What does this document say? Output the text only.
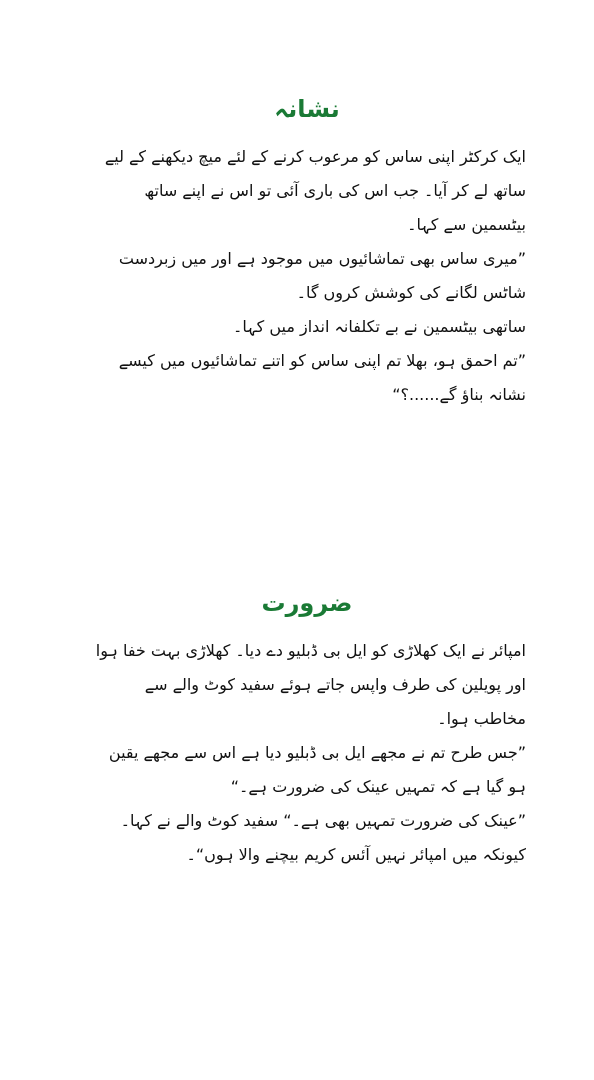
نشانہ

ایک کرکٹر اپنی ساس کو مرعوب کرنے کے لئے میچ دیکھنے کے لیے ساتھ لے کر آیا۔ جب اس کی باری آئی تو اس نے اپنے ساتھ بیٹسمین سے کہا۔

”میری ساس بھی تماشائیوں میں موجود ہے اور میں زبردست شاٹس لگانے کی کوشش کروں گا۔

ساتھی بیٹسمین نے بے تکلفانہ انداز میں کہا۔

”تم احمق ہو، بھلا تم اپنی ساس کو اتنے تماشائیوں میں کیسے نشانہ بناؤ گے......؟“

ضرورت

امپائر نے ایک کھلاڑی کو ایل بی ڈبلیو دے دیا۔ کھلاڑی بہت خفا ہوا اور پویلین کی طرف واپس جاتے ہوئے سفید کوٹ والے سے مخاطب ہوا۔

”جس طرح تم نے مجھے ایل بی ڈبلیو دیا ہے اس سے مجھے یقین ہو گیا ہے کہ تمہیں عینک کی ضرورت ہے۔“

”عینک کی ضرورت تمہیں بھی ہے۔“ سفید کوٹ والے نے کہا۔ کیونکہ میں امپائر نہیں آئس کریم بیچنے والا ہوں“۔
